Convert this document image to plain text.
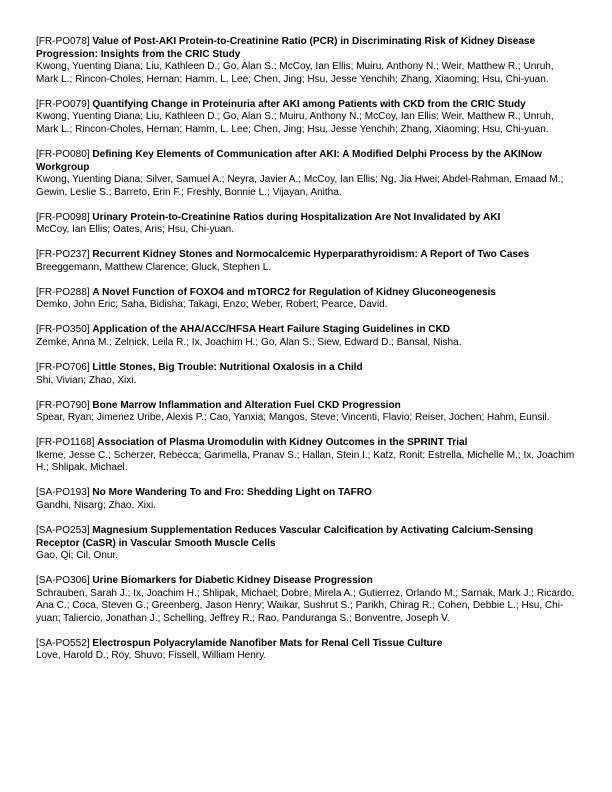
[FR-PO078] Value of Post-AKI Protein-to-Creatinine Ratio (PCR) in Discriminating Risk of Kidney Disease Progression: Insights from the CRIC Study
Kwong, Yuenting Diana; Liu, Kathleen D.; Go, Alan S.; McCoy, Ian Ellis; Muiru, Anthony N.; Weir, Matthew R.; Unruh, Mark L.; Rincon-Choles, Hernan; Hamm, L. Lee; Chen, Jing; Hsu, Jesse Yenchih; Zhang, Xiaoming; Hsu, Chi-yuan.
[FR-PO079] Quantifying Change in Proteinuria after AKI among Patients with CKD from the CRIC Study
Kwong, Yuenting Diana; Liu, Kathleen D.; Go, Alan S.; Muiru, Anthony N.; McCoy, Ian Ellis; Weir, Matthew R.; Unruh, Mark L.; Rincon-Choles, Hernan; Hamm, L. Lee; Chen, Jing; Hsu, Jesse Yenchih; Zhang, Xiaoming; Hsu, Chi-yuan.
[FR-PO080] Defining Key Elements of Communication after AKI: A Modified Delphi Process by the AKINow Workgroup
Kwong, Yuenting Diana; Silver, Samuel A.; Neyra, Javier A.; McCoy, Ian Ellis; Ng, Jia Hwei; Abdel-Rahman, Emaad M.; Gewin, Leslie S.; Barreto, Erin F.; Freshly, Bonnie L.; Vijayan, Anitha.
[FR-PO098] Urinary Protein-to-Creatinine Ratios during Hospitalization Are Not Invalidated by AKI
McCoy, Ian Ellis; Oates, Aris; Hsu, Chi-yuan.
[FR-PO237] Recurrent Kidney Stones and Normocalcemic Hyperparathyroidism: A Report of Two Cases
Breeggemann, Matthew Clarence; Gluck, Stephen L.
[FR-PO288] A Novel Function of FOXO4 and mTORC2 for Regulation of Kidney Gluconeogenesis
Demko, John Eric; Saha, Bidisha; Takagi, Enzo; Weber, Robert; Pearce, David.
[FR-PO350] Application of the AHA/ACC/HFSA Heart Failure Staging Guidelines in CKD
Zemke, Anna M.; Zelnick, Leila R.; Ix, Joachim H.; Go, Alan S.; Siew, Edward D.; Bansal, Nisha.
[FR-PO706] Little Stones, Big Trouble: Nutritional Oxalosis in a Child
Shi, Vivian; Zhao, Xixi.
[FR-PO790] Bone Marrow Inflammation and Alteration Fuel CKD Progression
Spear, Ryan; Jimenez Uribe, Alexis P.; Cao, Yanxia; Mangos, Steve; Vincenti, Flavio; Reiser, Jochen; Hahm, Eunsil.
[FR-PO1168] Association of Plasma Uromodulin with Kidney Outcomes in the SPRINT Trial
Ikeme, Jesse C.; Scherzer, Rebecca; Garimella, Pranav S.; Hallan, Stein I.; Katz, Ronit; Estrella, Michelle M.; Ix, Joachim H.; Shlipak, Michael.
[SA-PO193] No More Wandering To and Fro: Shedding Light on TAFRO
Gandhi, Nisarg; Zhao, Xixi.
[SA-PO253] Magnesium Supplementation Reduces Vascular Calcification by Activating Calcium-Sensing Receptor (CaSR) in Vascular Smooth Muscle Cells
Gao, Qi; Cil, Onur.
[SA-PO306] Urine Biomarkers for Diabetic Kidney Disease Progression
Schrauben, Sarah J.; Ix, Joachim H.; Shlipak, Michael; Dobre, Mirela A.; Gutierrez, Orlando M.; Sarnak, Mark J.; Ricardo, Ana C.; Coca, Steven G.; Greenberg, Jason Henry; Waikar, Sushrut S.; Parikh, Chirag R.; Cohen, Debbie L.; Hsu, Chi-yuan; Taliercio, Jonathan J.; Schelling, Jeffrey R.; Rao, Panduranga S.; Bonventre, Joseph V.
[SA-PO552] Electrospun Polyacrylamide Nanofiber Mats for Renal Cell Tissue Culture
Love, Harold D.; Roy, Shuvo; Fissell, William Henry.
